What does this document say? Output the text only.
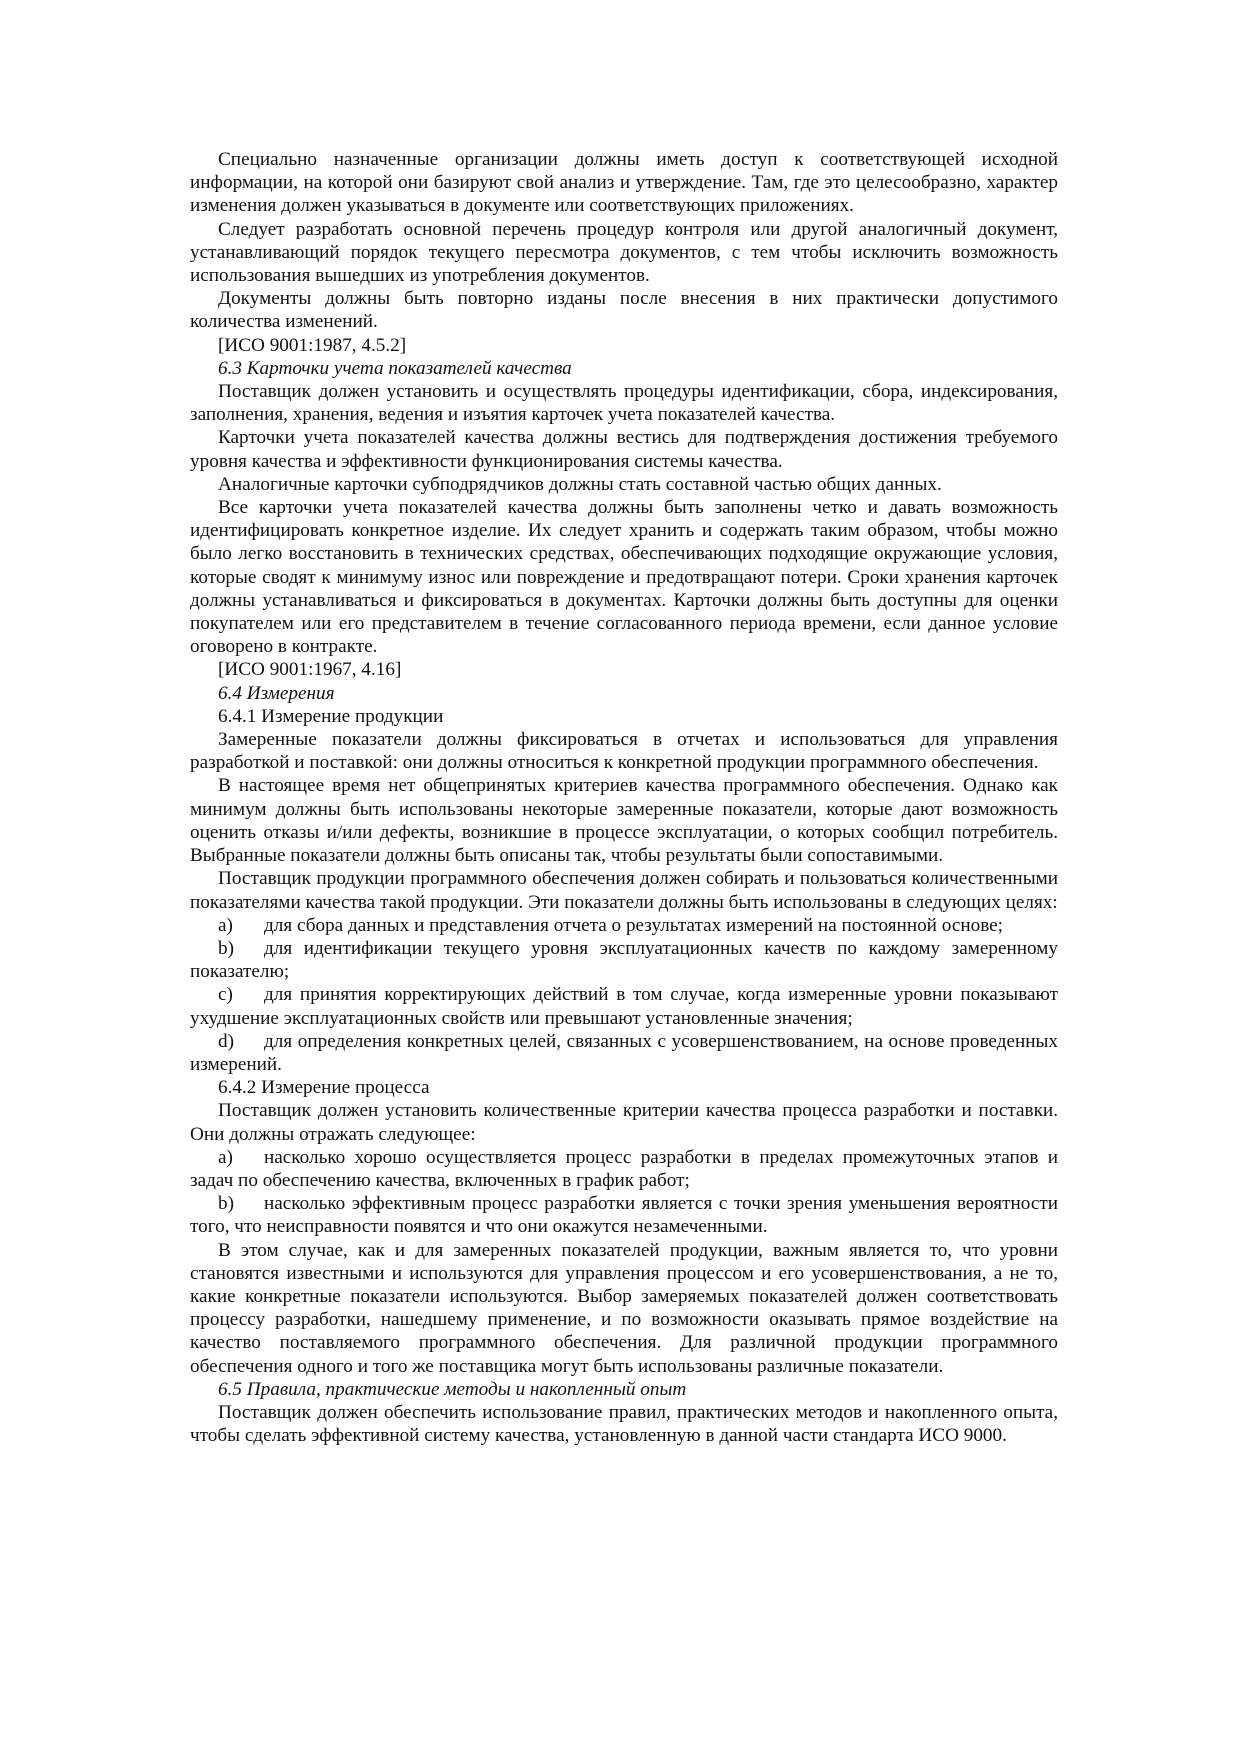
Специально назначенные организации должны иметь доступ к соответствующей исходной информации, на которой они базируют свой анализ и утверждение. Там, где это целесообразно, характер изменения должен указываться в документе или соответствующих приложениях.

Следует разработать основной перечень процедур контроля или другой аналогичный документ, устанавливающий порядок текущего пересмотра документов, с тем чтобы исключить возможность использования вышедших из употребления документов.

Документы должны быть повторно изданы после внесения в них практически допустимого количества изменений.

[ИСО 9001:1987, 4.5.2]

6.3 Карточки учета показателей качества

Поставщик должен установить и осуществлять процедуры идентификации, сбора, индексирования, заполнения, хранения, ведения и изъятия карточек учета показателей качества.

Карточки учета показателей качества должны вестись для подтверждения достижения требуемого уровня качества и эффективности функционирования системы качества.

Аналогичные карточки субподрядчиков должны стать составной частью общих данных.

Все карточки учета показателей качества должны быть заполнены четко и давать возможность идентифицировать конкретное изделие. Их следует хранить и содержать таким образом, чтобы можно было легко восстановить в технических средствах, обеспечивающих подходящие окружающие условия, которые сводят к минимуму износ или повреждение и предотвращают потери. Сроки хранения карточек должны устанавливаться и фиксироваться в документах. Карточки должны быть доступны для оценки покупателем или его представителем в течение согласованного периода времени, если данное условие оговорено в контракте.

[ИСО 9001:1967, 4.16]

6.4 Измерения

6.4.1 Измерение продукции

Замеренные показатели должны фиксироваться в отчетах и использоваться для управления разработкой и поставкой: они должны относиться к конкретной продукции программного обеспечения.

В настоящее время нет общепринятых критериев качества программного обеспечения. Однако как минимум должны быть использованы некоторые замеренные показатели, которые дают возможность оценить отказы и/или дефекты, возникшие в процессе эксплуатации, о которых сообщил потребитель. Выбранные показатели должны быть описаны так, чтобы результаты были сопоставимыми.

Поставщик продукции программного обеспечения должен собирать и пользоваться количественными показателями качества такой продукции. Эти показатели должны быть использованы в следующих целях:

a) для сбора данных и представления отчета о результатах измерений на постоянной основе;

b) для идентификации текущего уровня эксплуатационных качеств по каждому замеренному показателю;

c) для принятия корректирующих действий в том случае, когда измеренные уровни показывают ухудшение эксплуатационных свойств или превышают установленные значения;

d) для определения конкретных целей, связанных с усовершенствованием, на основе проведенных измерений.

6.4.2 Измерение процесса

Поставщик должен установить количественные критерии качества процесса разработки и поставки. Они должны отражать следующее:

a) насколько хорошо осуществляется процесс разработки в пределах промежуточных этапов и задач по обеспечению качества, включенных в график работ;

b) насколько эффективным процесс разработки является с точки зрения уменьшения вероятности того, что неисправности появятся и что они окажутся незамеченными.

В этом случае, как и для замеренных показателей продукции, важным является то, что уровни становятся известными и используются для управления процессом и его усовершенствования, а не то, какие конкретные показатели используются. Выбор замеряемых показателей должен соответствовать процессу разработки, нашедшему применение, и по возможности оказывать прямое воздействие на качество поставляемого программного обеспечения. Для различной продукции программного обеспечения одного и того же поставщика могут быть использованы различные показатели.

6.5 Правила, практические методы и накопленный опыт

Поставщик должен обеспечить использование правил, практических методов и накопленного опыта, чтобы сделать эффективной систему качества, установленную в данной части стандарта ИСО 9000.
